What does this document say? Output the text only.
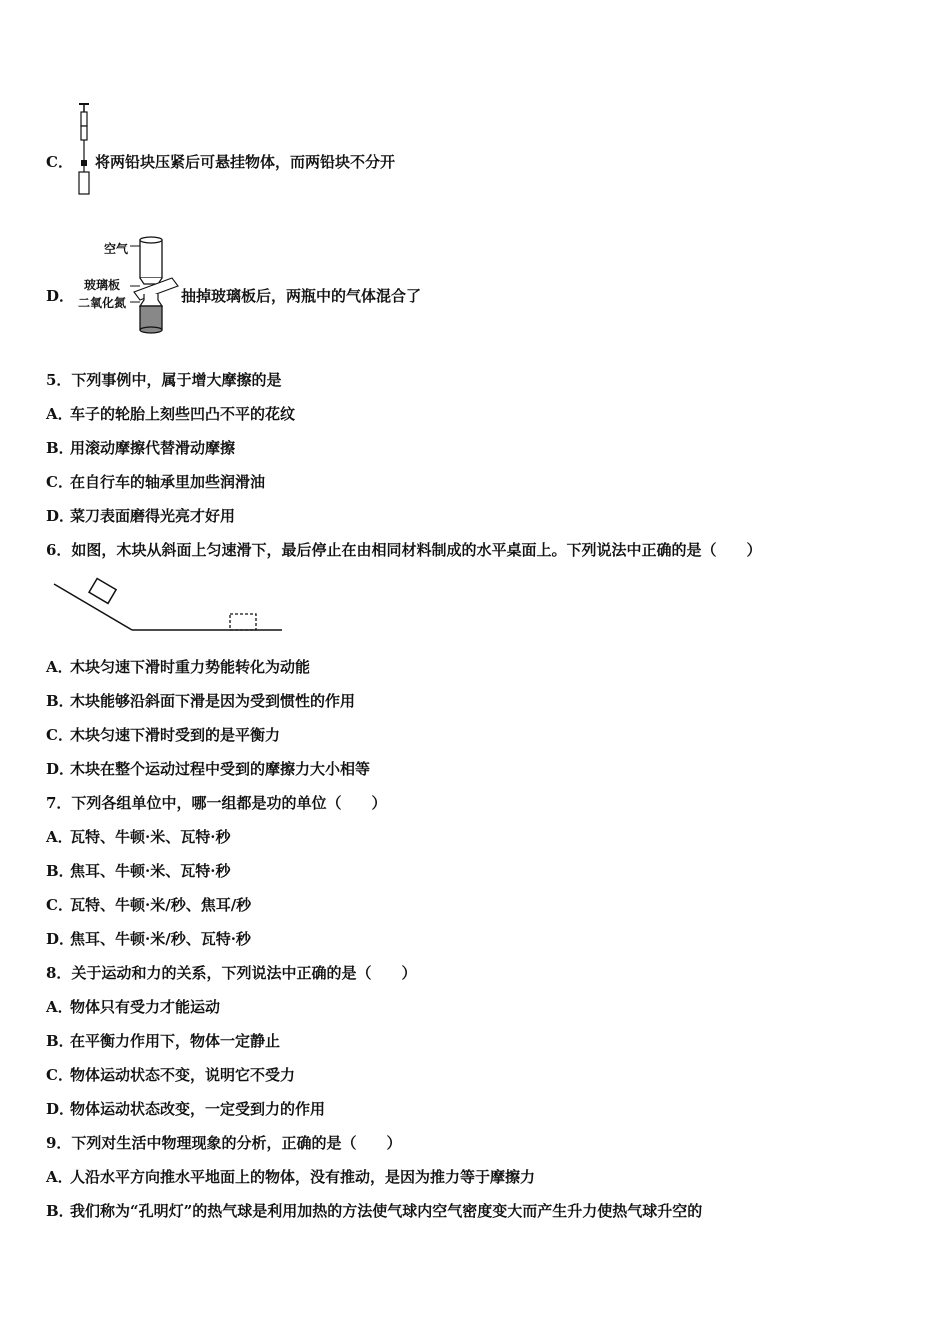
C． 将两铅块压紧后可悬挂物体，而两铅块不分开
D．
空气
玻璃板
二氧化氮	抽掉玻璃板后，两瓶中的气体混合了
5．下列事例中，属于增大摩擦的是
A．车子的轮胎上刻些凹凸不平的花纹
B．用滚动摩擦代替滑动摩擦
C．在自行车的轴承里加些润滑油
D．菜刀表面磨得光亮才好用
6．如图，木块从斜面上匀速滑下，最后停止在由相同材料制成的水平桌面上。下列说法中正确的是（　　）
A．木块匀速下滑时重力势能转化为动能
B．木块能够沿斜面下滑是因为受到惯性的作用
C．木块匀速下滑时受到的是平衡力
D．木块在整个运动过程中受到的摩擦力大小相等
7．下列各组单位中，哪一组都是功的单位（　　）
A．瓦特、牛顿·米、瓦特·秒
B．焦耳、牛顿·米、瓦特·秒
C．瓦特、牛顿·米/秒、焦耳/秒
D．焦耳、牛顿·米/秒、瓦特·秒
8．关于运动和力的关系，下列说法中正确的是（　　）
A．物体只有受力才能运动
B．在平衡力作用下，物体一定静止
C．物体运动状态不变，说明它不受力
D．物体运动状态改变，一定受到力的作用
9．下列对生活中物理现象的分析，正确的是（　　）
A．人沿水平方向推水平地面上的物体，没有推动，是因为推力等于摩擦力
B．我们称为“孔明灯”的热气球是利用加热的方法使气球内空气密度变大而产生升力使热气球升空的
